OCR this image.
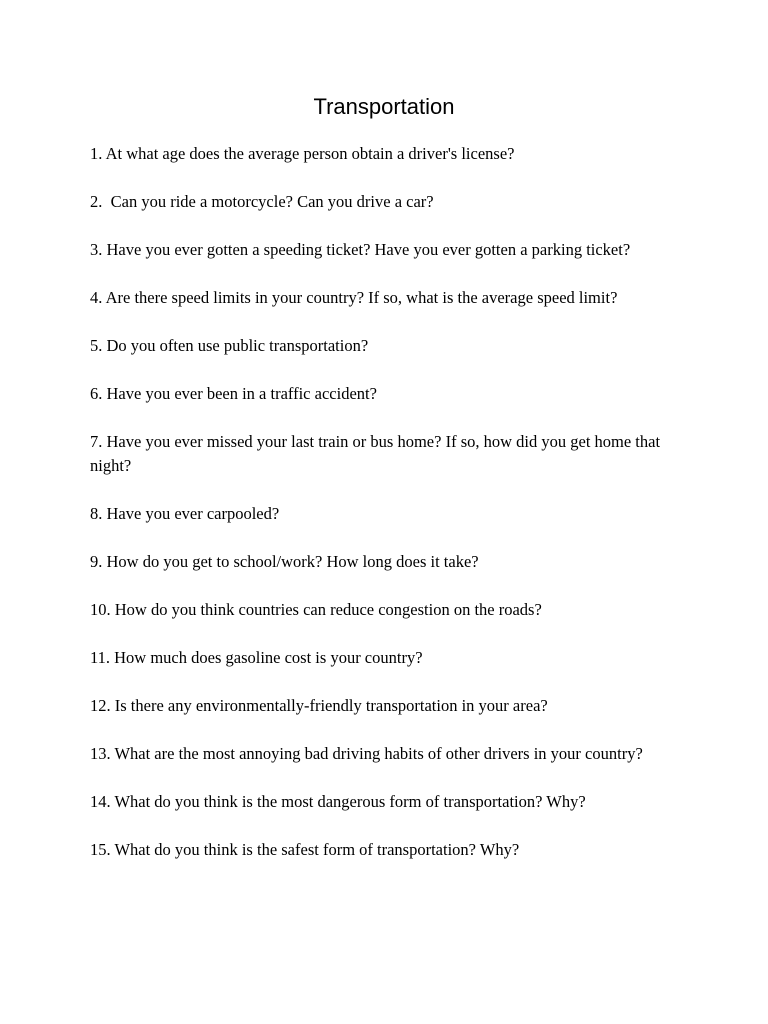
Transportation
1. At what age does the average person obtain a driver's license?
2.  Can you ride a motorcycle? Can you drive a car?
3. Have you ever gotten a speeding ticket? Have you ever gotten a parking ticket?
4. Are there speed limits in your country? If so, what is the average speed limit?
5. Do you often use public transportation?
6. Have you ever been in a traffic accident?
7. Have you ever missed your last train or bus home? If so, how did you get home that night?
8. Have you ever carpooled?
9. How do you get to school/work? How long does it take?
10. How do you think countries can reduce congestion on the roads?
11. How much does gasoline cost is your country?
12. Is there any environmentally-friendly transportation in your area?
13. What are the most annoying bad driving habits of other drivers in your country?
14. What do you think is the most dangerous form of transportation? Why?
15. What do you think is the safest form of transportation? Why?
